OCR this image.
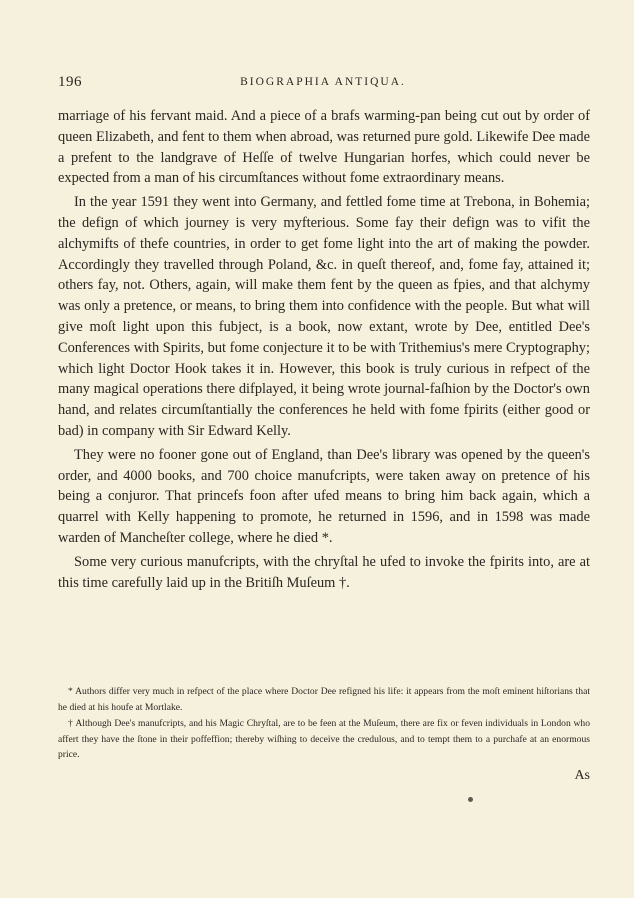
196	BIOGRAPHIA ANTIQUA.

marriage of his fervant maid. And a piece of a brafs warming-pan being cut out by order of queen Elizabeth, and fent to them when abroad, was returned pure gold. Likewife Dee made a prefent to the landgrave of Heſſe of twelve Hungarian horfes, which could never be expected from a man of his circumſtances without fome extraordinary means.

In the year 1591 they went into Germany, and fettled fome time at Trebona, in Bohemia; the defign of which journey is very myfterious. Some fay their defign was to vifit the alchymifts of thefe countries, in order to get fome light into the art of making the powder. Accordingly they travelled through Poland, &c. in queſt thereof, and, fome fay, attained it; others fay, not. Others, again, will make them fent by the queen as fpies, and that alchymy was only a pretence, or means, to bring them into confidence with the people. But what will give moſt light upon this fubject, is a book, now extant, wrote by Dee, entitled Dee's Conferences with Spirits, but fome conjecture it to be with Trithemius's mere Cryptography; which light Doctor Hook takes it in. However, this book is truly curious in refpect of the many magical operations there difplayed, it being wrote journal-faſhion by the Doctor's own hand, and relates circumſtantially the conferences he held with fome fpirits (either good or bad) in company with Sir Edward Kelly.

They were no fooner gone out of England, than Dee's library was opened by the queen's order, and 4000 books, and 700 choice manufcripts, were taken away on pretence of his being a conjuror. That princefs foon after ufed means to bring him back again, which a quarrel with Kelly happening to promote, he returned in 1596, and in 1598 was made warden of Mancheſter college, where he died *.

Some very curious manufcripts, with the chryſtal he ufed to invoke the fpirits into, are at this time carefully laid up in the Britiſh Muſeum †.

* Authors differ very much in refpect of the place where Doctor Dee refigned his life: it appears from the moſt eminent hiſtorians that he died at his houfe at Mortlake.

† Although Dee's manufcripts, and his Magic Chryſtal, are to be feen at the Muſeum, there are fix or feven individuals in London who affert they have the ſtone in their poffeffion; thereby wiſhing to deceive the credulous, and to tempt them to a purchafe at an enormous price.

As
